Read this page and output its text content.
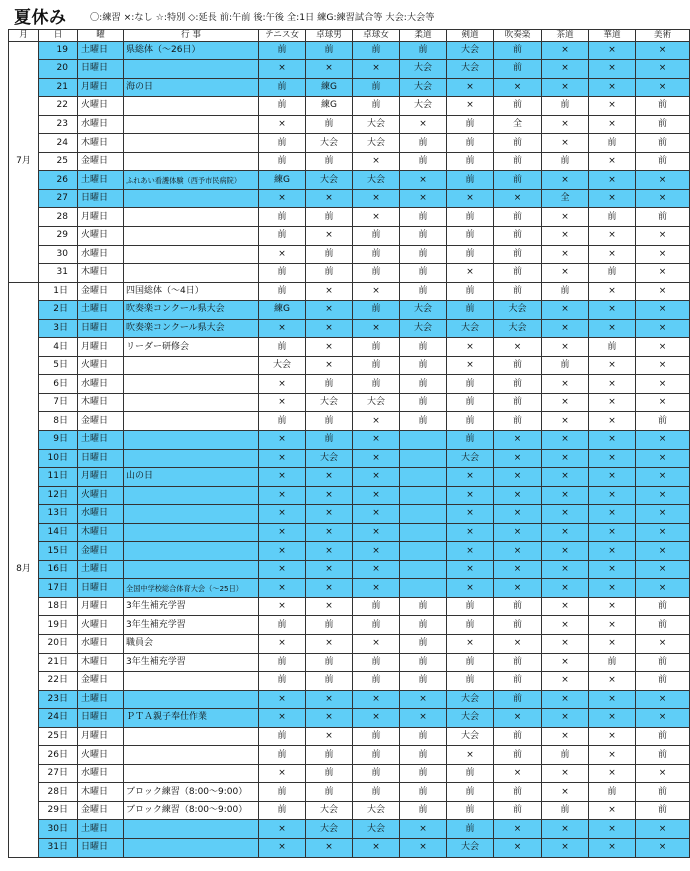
夏休み	〇:練習 ×:なし ☆:特別 ◇:延長 前:午前 後:午後 全:1日 練G:練習試合等 大会:大会等
月	日	曜	行 事	テニス女	卓球男	卓球女	柔道	剣道	吹奏楽	茶道	華道	美術
7月	19	土曜日	県総体（～26日）	前	前	前	前	大会	前	×	×	×
	20	日曜日		×	×	×	大会	大会	前	×	×	×
	21	月曜日	海の日	前	練G	前	大会	×	×	×	×	×
	22	火曜日		前	練G	前	大会	×	前	前	×	前
	23	水曜日		×	前	大会	×	前	全	×	×	前
	24	木曜日		前	大会	大会	前	前	前	×	前	前
	25	金曜日		前	前	×	前	前	前	前	×	前
	26	土曜日	ふれあい看護体験（西予市民病院）	練G	大会	大会	×	前	前	×	×	×
	27	日曜日		×	×	×	×	×	×	全	×	×
	28	月曜日		前	前	×	前	前	前	×	前	前
	29	火曜日		前	×	前	前	前	前	×	×	×
	30	水曜日		×	前	前	前	前	前	×	×	×
	31	木曜日		前	前	前	前	×	前	×	前	×
8月	1日	金曜日	四国総体（～4日）	前	×	×	前	前	前	前	×	×
	2日	土曜日	吹奏楽コンクール県大会	練G	×	前	大会	前	大会	×	×	×
	3日	日曜日	吹奏楽コンクール県大会	×	×	×	大会	大会	大会	×	×	×
	4日	月曜日	リーダー研修会	前	×	前	前	×	×	×	前	×
	5日	火曜日		大会	×	前	前	×	前	前	×	×
	6日	水曜日		×	前	前	前	前	前	×	×	×
	7日	木曜日		×	大会	大会	前	前	前	×	×	×
	8日	金曜日		前	前	×	前	前	前	×	×	前
	9日	土曜日		×	前	×		前	×	×	×	×
	10日	日曜日		×	大会	×		大会	×	×	×	×
	11日	月曜日	山の日	×	×	×		×	×	×	×	×
	12日	火曜日		×	×	×		×	×	×	×	×
	13日	水曜日		×	×	×		×	×	×	×	×
	14日	木曜日		×	×	×		×	×	×	×	×
	15日	金曜日		×	×	×		×	×	×	×	×
	16日	土曜日		×	×	×		×	×	×	×	×
	17日	日曜日	全国中学校総合体育大会（～25日）	×	×	×		×	×	×	×	×
	18日	月曜日	3年生補充学習	×	×	前	前	前	前	×	×	前
	19日	火曜日	3年生補充学習	前	前	前	前	前	前	×	×	前
	20日	水曜日	職員会	×	×	×	前	×	×	×	×	×
	21日	木曜日	3年生補充学習	前	前	前	前	前	前	×	前	前
	22日	金曜日		前	前	前	前	前	前	×	×	前
	23日	土曜日		×	×	×	×	大会	前	×	×	×
	24日	日曜日	ＰＴＡ親子奉仕作業	×	×	×	×	大会	×	×	×	×
	25日	月曜日		前	×	前	前	大会	前	×	×	前
	26日	火曜日		前	前	前	前	×	前	前	×	前
	27日	水曜日		×	前	前	前	前	×	×	×	×
	28日	木曜日	ブロック練習（8:00～9:00）	前	前	前	前	前	前	×	前	前
	29日	金曜日	ブロック練習（8:00～9:00）	前	大会	大会	前	前	前	前	×	前
	30日	土曜日		×	大会	大会	×	前	×	×	×	×
	31日	日曜日		×	×	×	×	大会	×	×	×	×
